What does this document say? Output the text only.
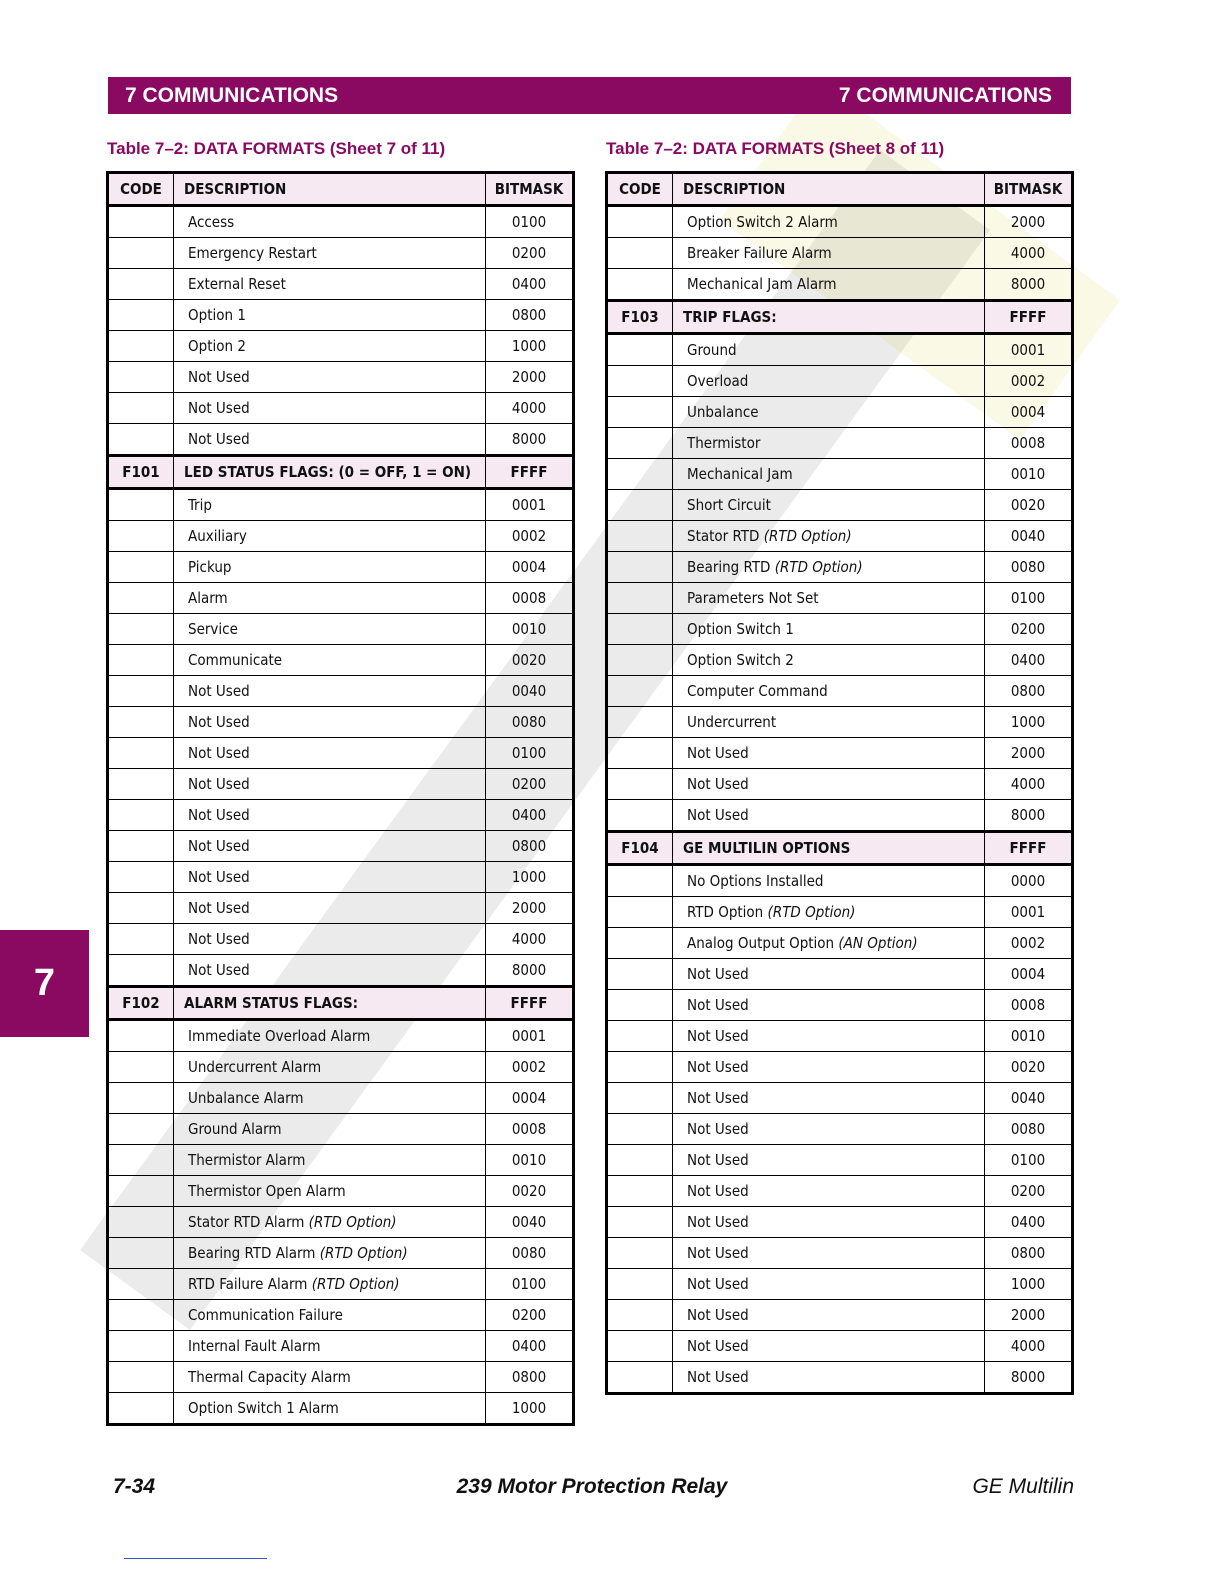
7 COMMUNICATIONS	7 COMMUNICATIONS
Table 7–2: DATA FORMATS (Sheet 7 of 11)	Table 7–2: DATA FORMATS (Sheet 8 of 11)
CODE	DESCRIPTION	BITMASK
	Access	0100
	Emergency Restart	0200
	External Reset	0400
	Option 1	0800
	Option 2	1000
	Not Used	2000
	Not Used	4000
	Not Used	8000
F101	LED STATUS FLAGS: (0 = OFF, 1 = ON)	FFFF
	Trip	0001
	Auxiliary	0002
	Pickup	0004
	Alarm	0008
	Service	0010
	Communicate	0020
	Not Used	0040
	Not Used	0080
	Not Used	0100
	Not Used	0200
	Not Used	0400
	Not Used	0800
	Not Used	1000
	Not Used	2000
	Not Used	4000
	Not Used	8000
F102	ALARM STATUS FLAGS:	FFFF
	Immediate Overload Alarm	0001
	Undercurrent Alarm	0002
	Unbalance Alarm	0004
	Ground Alarm	0008
	Thermistor Alarm	0010
	Thermistor Open Alarm	0020
	Stator RTD Alarm (RTD Option)	0040
	Bearing RTD Alarm (RTD Option)	0080
	RTD Failure Alarm (RTD Option)	0100
	Communication Failure	0200
	Internal Fault Alarm	0400
	Thermal Capacity Alarm	0800
	Option Switch 1 Alarm	1000
CODE	DESCRIPTION	BITMASK
	Option Switch 2 Alarm	2000
	Breaker Failure Alarm	4000
	Mechanical Jam Alarm	8000
F103	TRIP FLAGS:	FFFF
	Ground	0001
	Overload	0002
	Unbalance	0004
	Thermistor	0008
	Mechanical Jam	0010
	Short Circuit	0020
	Stator RTD (RTD Option)	0040
	Bearing RTD (RTD Option)	0080
	Parameters Not Set	0100
	Option Switch 1	0200
	Option Switch 2	0400
	Computer Command	0800
	Undercurrent	1000
	Not Used	2000
	Not Used	4000
	Not Used	8000
F104	GE MULTILIN OPTIONS	FFFF
	No Options Installed	0000
	RTD Option (RTD Option)	0001
	Analog Output Option (AN Option)	0002
	Not Used	0004
	Not Used	0008
	Not Used	0010
	Not Used	0020
	Not Used	0040
	Not Used	0080
	Not Used	0100
	Not Used	0200
	Not Used	0400
	Not Used	0800
	Not Used	1000
	Not Used	2000
	Not Used	4000
	Not Used	8000
7
7-34	239 Motor Protection Relay	GE Multilin
